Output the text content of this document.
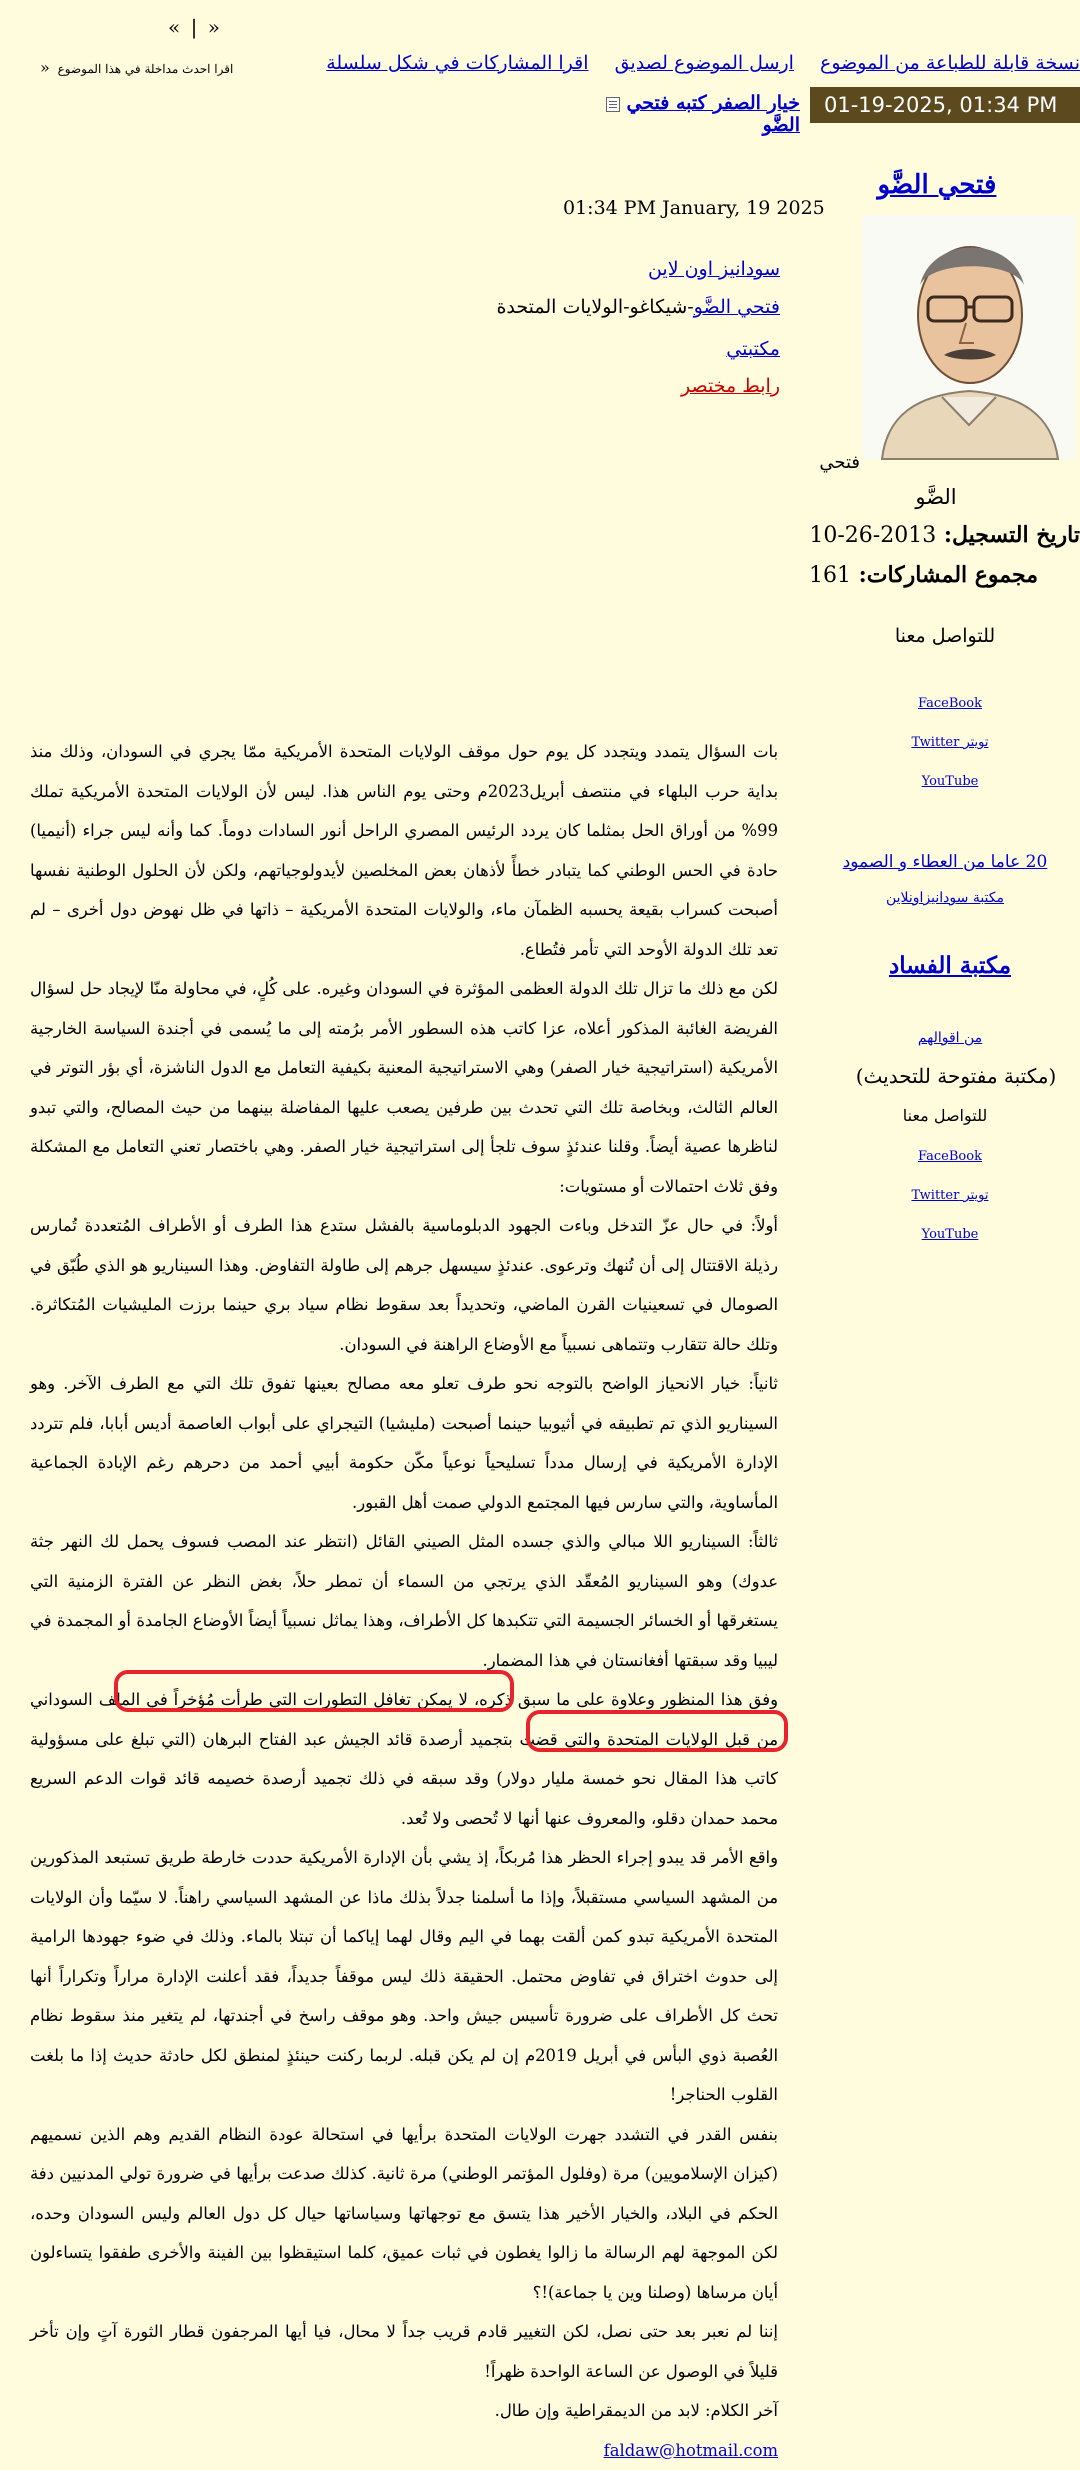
« | »
» اقرا احدث مداخلة في هذا الموضوع	نسخة قابلة للطباعة من الموضوع ارسل الموضوع لصديق اقرا المشاركات في شكل سلسلة
01-19-2025, 01:34 PM
خيار الصفر كتبه فتحي الضَّو
فتحي الضَّو
فتحي
الضَّو
تاريخ التسجيل: 10-26-2013
مجموع المشاركات: 161
للتواصل معنا
FaceBook
تويتر Twitter
YouTube
20 عاما من العطاء و الصمود
مكتبة سودانيزاونلاين
مكتبة الفساد
من اقوالهم
(مكتبة مفتوحة للتحديث)
للتواصل معنا
FaceBook
تويتر Twitter
YouTube
01:34 PM January, 19 2025
سودانيز اون لاين
فتحي الضَّو-شيكاغو-الولايات المتحدة
مكتبتي
رابط مختصر

بات السؤال يتمدد ويتجدد كل يوم حول موقف الولايات المتحدة الأمريكية ممّا يجري في السودان، وذلك منذ بداية حرب البلهاء في منتصف أبريل2023م وحتى يوم الناس هذا. ليس لأن الولايات المتحدة الأمريكية تملك 99% من أوراق الحل بمثلما كان يردد الرئيس المصري الراحل أنور السادات دوماً. كما وأنه ليس جراء (أنيميا) حادة في الحس الوطني كما يتبادر خطأً لأذهان بعض المخلصين لأيدولوجياتهم، ولكن لأن الحلول الوطنية نفسها أصبحت كسراب بقيعة يحسبه الظمآن ماء، والولايات المتحدة الأمريكية – ذاتها في ظل نهوض دول أخرى – لم تعد تلك الدولة الأوحد التي تأمر فتُطاع.

لكن مع ذلك ما تزال تلك الدولة العظمى المؤثرة في السودان وغيره. على كُلٍ، في محاولة منّا لإيجاد حل لسؤال الفريضة الغائبة المذكور أعلاه، عزا كاتب هذه السطور الأمر برُمته إلى ما يُسمى في أجندة السياسة الخارجية الأمريكية (استراتيجية خيار الصفر) وهي الاستراتيجية المعنية بكيفية التعامل مع الدول الناشزة، أي بؤر التوتر في العالم الثالث، وبخاصة تلك التي تحدث بين طرفين يصعب عليها المفاضلة بينهما من حيث المصالح، والتي تبدو لناظرها عصية أيضاً. وقلنا عندئذٍ سوف تلجأ إلى استراتيجية خيار الصفر. وهي باختصار تعني التعامل مع المشكلة وفق ثلاث احتمالات أو مستويات:

أولاً: في حال عزّ التدخل وباءت الجهود الدبلوماسية بالفشل ستدع هذا الطرف أو الأطراف المُتعددة تُمارس رذيلة الاقتتال إلى أن تُنهك وترعوى. عندئذٍ سيسهل جرهم إلى طاولة التفاوض. وهذا السيناريو هو الذي طُبّق في الصومال في تسعينيات القرن الماضي، وتحديداً بعد سقوط نظام سياد بري حينما برزت المليشيات المُتكاثرة. وتلك حالة تتقارب وتتماهى نسبياً مع الأوضاع الراهنة في السودان.

ثانياً: خيار الانحياز الواضح بالتوجه نحو طرف تعلو معه مصالح بعينها تفوق تلك التي مع الطرف الآخر. وهو السيناريو الذي تم تطبيقه في أثيوبيا حينما أصبحت (مليشيا) التيجراي على أبواب العاصمة أديس أبابا، فلم تتردد الإدارة الأمريكية في إرسال مدداً تسليحياً نوعياً مكّن حكومة أبيي أحمد من دحرهم رغم الإبادة الجماعية المأساوية، والتي سارس فيها المجتمع الدولي صمت أهل القبور.

ثالثاً: السيناريو اللا مبالي والذي جسده المثل الصيني القائل (انتظر عند المصب فسوف يحمل لك النهر جثة عدوك) وهو السيناريو المُعقّد الذي يرتجي من السماء أن تمطر حلاً، بغض النظر عن الفترة الزمنية التي يستغرقها أو الخسائر الجسيمة التي تتكبدها كل الأطراف، وهذا يماثل نسبياً أيضاً الأوضاع الجامدة أو المجمدة في ليبيا وقد سبقتها أفغانستان في هذا المضمار.

وفق هذا المنظور وعلاوة على ما سبق ذكره، لا يمكن تغافل التطورات التي طرأت مُؤخراً في الملف السوداني من قبل الولايات المتحدة والتي قضت بتجميد أرصدة قائد الجيش عبد الفتاح البرهان (التي تبلغ على مسؤولية كاتب هذا المقال نحو خمسة مليار دولار) وقد سبقه في ذلك تجميد أرصدة خصيمه قائد قوات الدعم السريع محمد حمدان دقلو، والمعروف عنها أنها لا تُحصى ولا تُعد.

واقع الأمر قد يبدو إجراء الحظر هذا مُربكاً، إذ يشي بأن الإدارة الأمريكية حددت خارطة طريق تستبعد المذكورين من المشهد السياسي مستقبلاً، وإذا ما أسلمنا جدلاً بذلك ماذا عن المشهد السياسي راهناً. لا سيّما وأن الولايات المتحدة الأمريكية تبدو كمن ألقت بهما في اليم وقال لهما إياكما أن تبتلا بالماء. وذلك في ضوء جهودها الرامية إلى حدوث اختراق في تفاوض محتمل. الحقيقة ذلك ليس موقفاً جديداً، فقد أعلنت الإدارة مراراً وتكراراً أنها تحث كل الأطراف على ضرورة تأسيس جيش واحد. وهو موقف راسخ في أجندتها، لم يتغير منذ سقوط نظام العُصبة ذوي البأس في أبريل 2019م إن لم يكن قبله. لربما ركنت حينئذٍ لمنطق لكل حادثة حديث إذا ما بلغت القلوب الحناجر!

بنفس القدر في التشدد جهرت الولايات المتحدة برأيها في استحالة عودة النظام القديم وهم الذين نسميهم (كيزان الإسلامويين) مرة (وفلول المؤتمر الوطني) مرة ثانية. كذلك صدعت برأيها في ضرورة تولي المدنيين دفة الحكم في البلاد، والخيار الأخير هذا يتسق مع توجهاتها وسياساتها حيال كل دول العالم وليس السودان وحده، لكن الموجهة لهم الرسالة ما زالوا يغطون في ثبات عميق، كلما استيقظوا بين الفينة والأخرى طفقوا يتساءلون أيان مرساها (وصلنا وين يا جماعة)!؟

إننا لم نعبر بعد حتى نصل، لكن التغيير قادم قريب جداً لا محال، فيا أيها المرجفون قطار الثورة آتٍ وإن تأخر قليلاً في الوصول عن الساعة الواحدة ظهراً!

آخر الكلام: لابد من الديمقراطية وإن طال.

faldaw@hotmail.com
